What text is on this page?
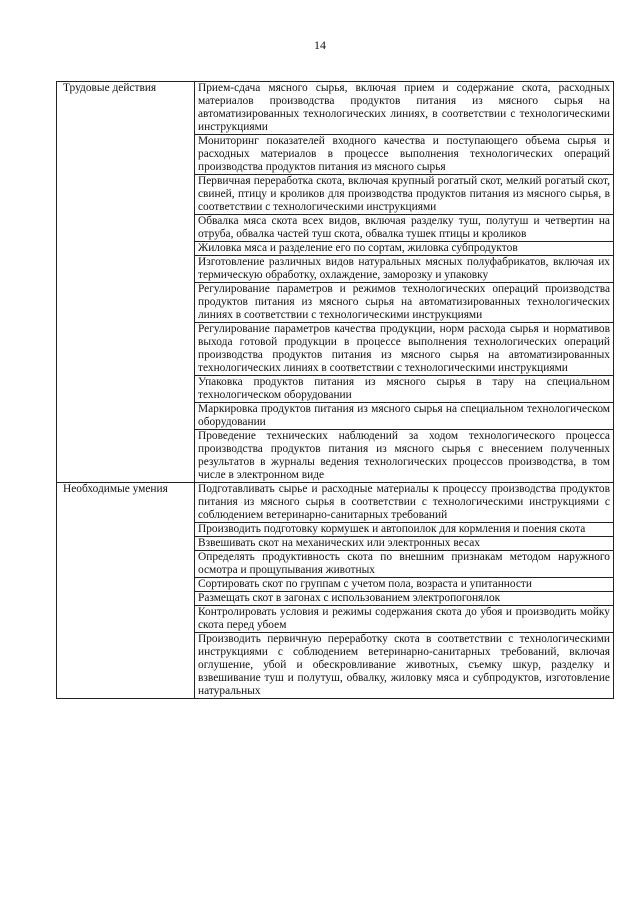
14
Трудовые действия	Прием-сдача мясного сырья, включая прием и содержание скота, расходных материалов производства продуктов питания из мясного сырья на автоматизированных технологических линиях, в соответствии с технологическими инструкциями
	Мониторинг показателей входного качества и поступающего объема сырья и расходных материалов в процессе выполнения технологических операций производства продуктов питания из мясного сырья
	Первичная переработка скота, включая крупный рогатый скот, мелкий рогатый скот, свиней, птицу и кроликов для производства продуктов питания из мясного сырья, в соответствии с технологическими инструкциями
	Обвалка мяса скота всех видов, включая разделку туш, полутуш и четвертин на отруба, обвалка частей туш скота, обвалка тушек птицы и кроликов
	Жиловка мяса и разделение его по сортам, жиловка субпродуктов
	Изготовление различных видов натуральных мясных полуфабрикатов, включая их термическую обработку, охлаждение, заморозку и упаковку
	Регулирование параметров и режимов технологических операций производства продуктов питания из мясного сырья на автоматизированных технологических линиях в соответствии с технологическими инструкциями
	Регулирование параметров качества продукции, норм расхода сырья и нормативов выхода готовой продукции в процессе выполнения технологических операций производства продуктов питания из мясного сырья на автоматизированных технологических линиях в соответствии с технологическими инструкциями
	Упаковка продуктов питания из мясного сырья в тару на специальном технологическом оборудовании
	Маркировка продуктов питания из мясного сырья на специальном технологическом оборудовании
	Проведение технических наблюдений за ходом технологического процесса производства продуктов питания из мясного сырья с внесением полученных результатов в журналы ведения технологических процессов производства, в том числе в электронном виде
Необходимые умения	Подготавливать сырье и расходные материалы к процессу производства продуктов питания из мясного сырья в соответствии с технологическими инструкциями с соблюдением ветеринарно-санитарных требований
	Производить подготовку кормушек и автопоилок для кормления и поения скота
	Взвешивать скот на механических или электронных весах
	Определять продуктивность скота по внешним признакам методом наружного осмотра и прощупывания животных
	Сортировать скот по группам с учетом пола, возраста и упитанности
	Размещать скот в загонах с использованием электропогонялок
	Контролировать условия и режимы содержания скота до убоя и производить мойку скота перед убоем
	Производить первичную переработку скота в соответствии с технологическими инструкциями с соблюдением ветеринарно-санитарных требований, включая оглушение, убой и обескровливание животных, съемку шкур, разделку и взвешивание туш и полутуш, обвалку, жиловку мяса и субпродуктов, изготовление натуральных
